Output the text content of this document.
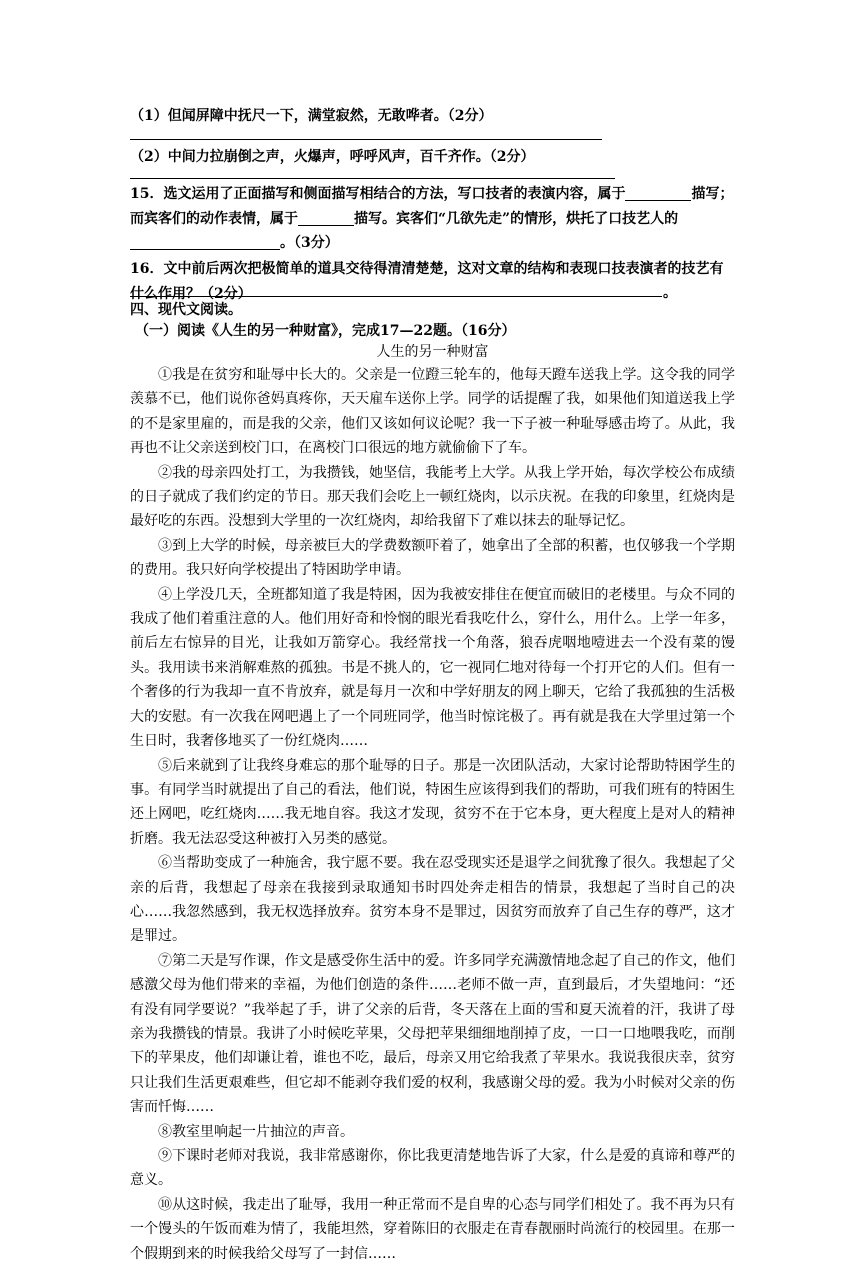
（1）但闻屏障中抚尺一下，满堂寂然，无敢哗者。（2分）

（2）中间力拉崩倒之声，火爆声，呼呼风声，百千齐作。（2分）

15．选文运用了正面描写和侧面描写相结合的方法，写口技者的表演内容，属于	描写；而宾客们的动作表情，属于	描写。宾客们“几欲先走”的情形，烘托了口技艺人的。（3分）

16．文中前后两次把极简单的道具交待得清清楚楚，这对文章的结构和表现口技表演者的技艺有什么作用？（2分）	。

四、现代文阅读。

（一）阅读《人生的另一种财富》，完成17—22题。（16分）

人生的另一种财富

①我是在贫穷和耻辱中长大的。父亲是一位蹬三轮车的，他每天蹬车送我上学。这令我的同学羡慕不已，他们说你爸妈真疼你，天天雇车送你上学。同学的话提醒了我，如果他们知道送我上学的不是家里雇的，而是我的父亲，他们又该如何议论呢？我一下子被一种耻辱感击垮了。从此，我再也不让父亲送到校门口，在离校门口很远的地方就偷偷下了车。

②我的母亲四处打工，为我攒钱，她坚信，我能考上大学。从我上学开始，每次学校公布成绩的日子就成了我们约定的节日。那天我们会吃上一顿红烧肉，以示庆祝。在我的印象里，红烧肉是最好吃的东西。没想到大学里的一次红烧肉，却给我留下了难以抹去的耻辱记忆。

③到上大学的时候，母亲被巨大的学费数额吓着了，她拿出了全部的积蓄，也仅够我一个学期的费用。我只好向学校提出了特困助学申请。

④上学没几天，全班都知道了我是特困，因为我被安排住在便宜而破旧的老楼里。与众不同的我成了他们着重注意的人。他们用好奇和怜悯的眼光看我吃什么，穿什么，用什么。上学一年多，前后左右惊异的目光，让我如万箭穿心。我经常找一个角落，狼吞虎咽地噎进去一个没有菜的馒头。我用读书来消解难熬的孤独。书是不挑人的，它一视同仁地对待每一个打开它的人们。但有一个奢侈的行为我却一直不肯放弃，就是每月一次和中学好朋友的网上聊天，它给了我孤独的生活极大的安慰。有一次我在网吧遇上了一个同班同学，他当时惊诧极了。再有就是我在大学里过第一个生日时，我奢侈地买了一份红烧肉……

⑤后来就到了让我终身难忘的那个耻辱的日子。那是一次团队活动，大家讨论帮助特困学生的事。有同学当时就提出了自己的看法，他们说，特困生应该得到我们的帮助，可我们班有的特困生还上网吧，吃红烧肉……我无地自容。我这才发现，贫穷不在于它本身，更大程度上是对人的精神折磨。我无法忍受这种被打入另类的感觉。

⑥当帮助变成了一种施舍，我宁愿不要。我在忍受现实还是退学之间犹豫了很久。我想起了父亲的后背，我想起了母亲在我接到录取通知书时四处奔走相告的情景，我想起了当时自己的决心……我忽然感到，我无权选择放弃。贫穷本身不是罪过，因贫穷而放弃了自己生存的尊严，这才是罪过。

⑦第二天是写作课，作文是感受你生活中的爱。许多同学充满激情地念起了自己的作文，他们感激父母为他们带来的幸福，为他们创造的条件……老师不做一声，直到最后，才失望地问：“还有没有同学要说？”我举起了手，讲了父亲的后背，冬天落在上面的雪和夏天流着的汗，我讲了母亲为我攒钱的情景。我讲了小时候吃苹果，父母把苹果细细地削掉了皮，一口一口地喂我吃，而削下的苹果皮，他们却谦让着，谁也不吃，最后，母亲又用它给我煮了苹果水。我说我很庆幸，贫穷只让我们生活更艰难些，但它却不能剥夺我们爱的权利，我感谢父母的爱。我为小时候对父亲的伤害而忏悔……

⑧教室里响起一片抽泣的声音。

⑨下课时老师对我说，我非常感谢你，你比我更清楚地告诉了大家，什么是爱的真谛和尊严的意义。

⑩从这时候，我走出了耻辱，我用一种正常而不是自卑的心态与同学们相处了。我不再为只有一个馒头的午饭而难为情了，我能坦然，穿着陈旧的衣服走在青春靓丽时尚流行的校园里。在那一个假期到来的时候我给父母写了一封信……
